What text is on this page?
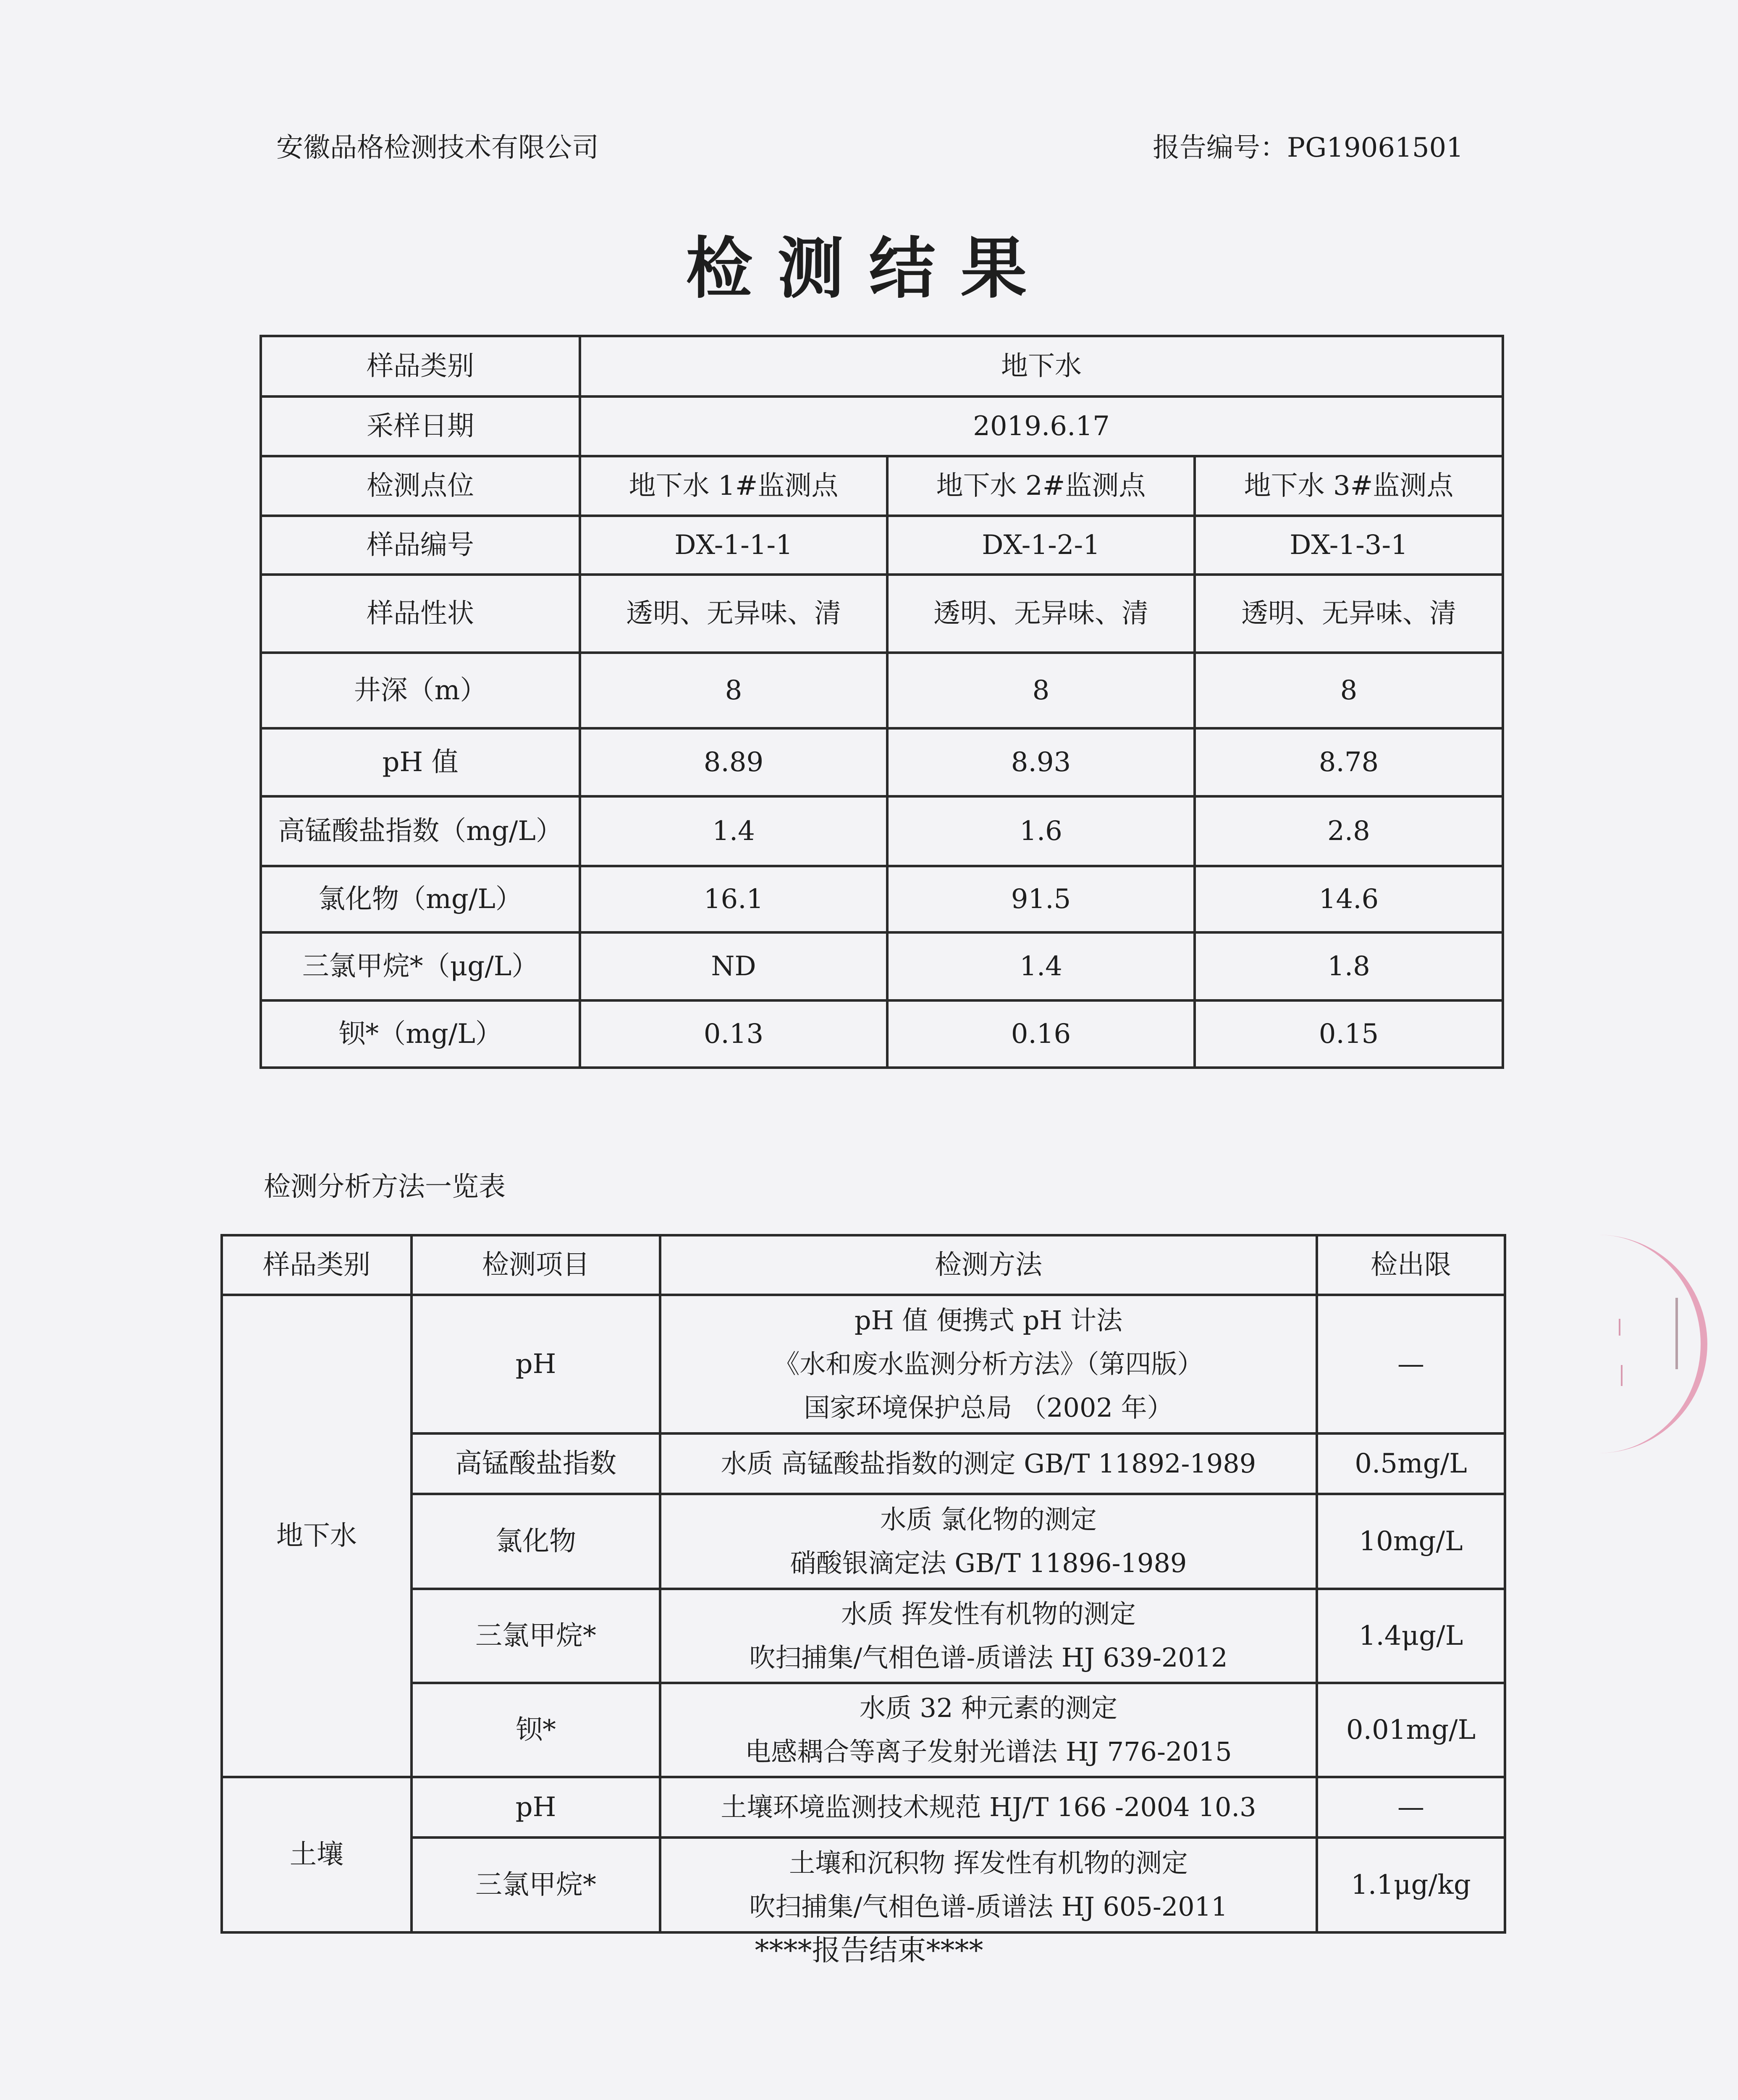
安徽品格检测技术有限公司	报告编号：PG19061501
检测结果
样品类别	地下水		
采样日期	2019.6.17		
检测点位	地下水 1#监测点	地下水 2#监测点	地下水 3#监测点
样品编号	DX-1-1-1	DX-1-2-1	DX-1-3-1
样品性状	透明、无异味、清	透明、无异味、清	透明、无异味、清
井深（m）	8	8	8
pH 值	8.89	8.93	8.78
高锰酸盐指数（mg/L）	1.4	1.6	2.8
氯化物（mg/L）	16.1	91.5	14.6
三氯甲烷*（μg/L）	ND	1.4	1.8
钡*（mg/L）	0.13	0.16	0.15
检测分析方法一览表
样品类别	检测项目	检测方法	检出限
地下水	pH	pH 值 便携式 pH 计法
《水和废水监测分析方法》（第四版）
国家环境保护总局 （2002 年）	—
	高锰酸盐指数	水质 高锰酸盐指数的测定 GB/T 11892-1989	0.5mg/L
	氯化物	水质 氯化物的测定
硝酸银滴定法 GB/T 11896-1989	10mg/L
	三氯甲烷*	水质 挥发性有机物的测定
吹扫捕集/气相色谱-质谱法 HJ 639-2012	1.4μg/L
	钡*	水质 32 种元素的测定
电感耦合等离子发射光谱法 HJ 776-2015	0.01mg/L
土壤	pH	土壤环境监测技术规范 HJ/T 166 -2004 10.3	—
	三氯甲烷*	土壤和沉积物 挥发性有机物的测定
吹扫捕集/气相色谱-质谱法 HJ 605-2011	1.1μg/kg
****报告结束****
